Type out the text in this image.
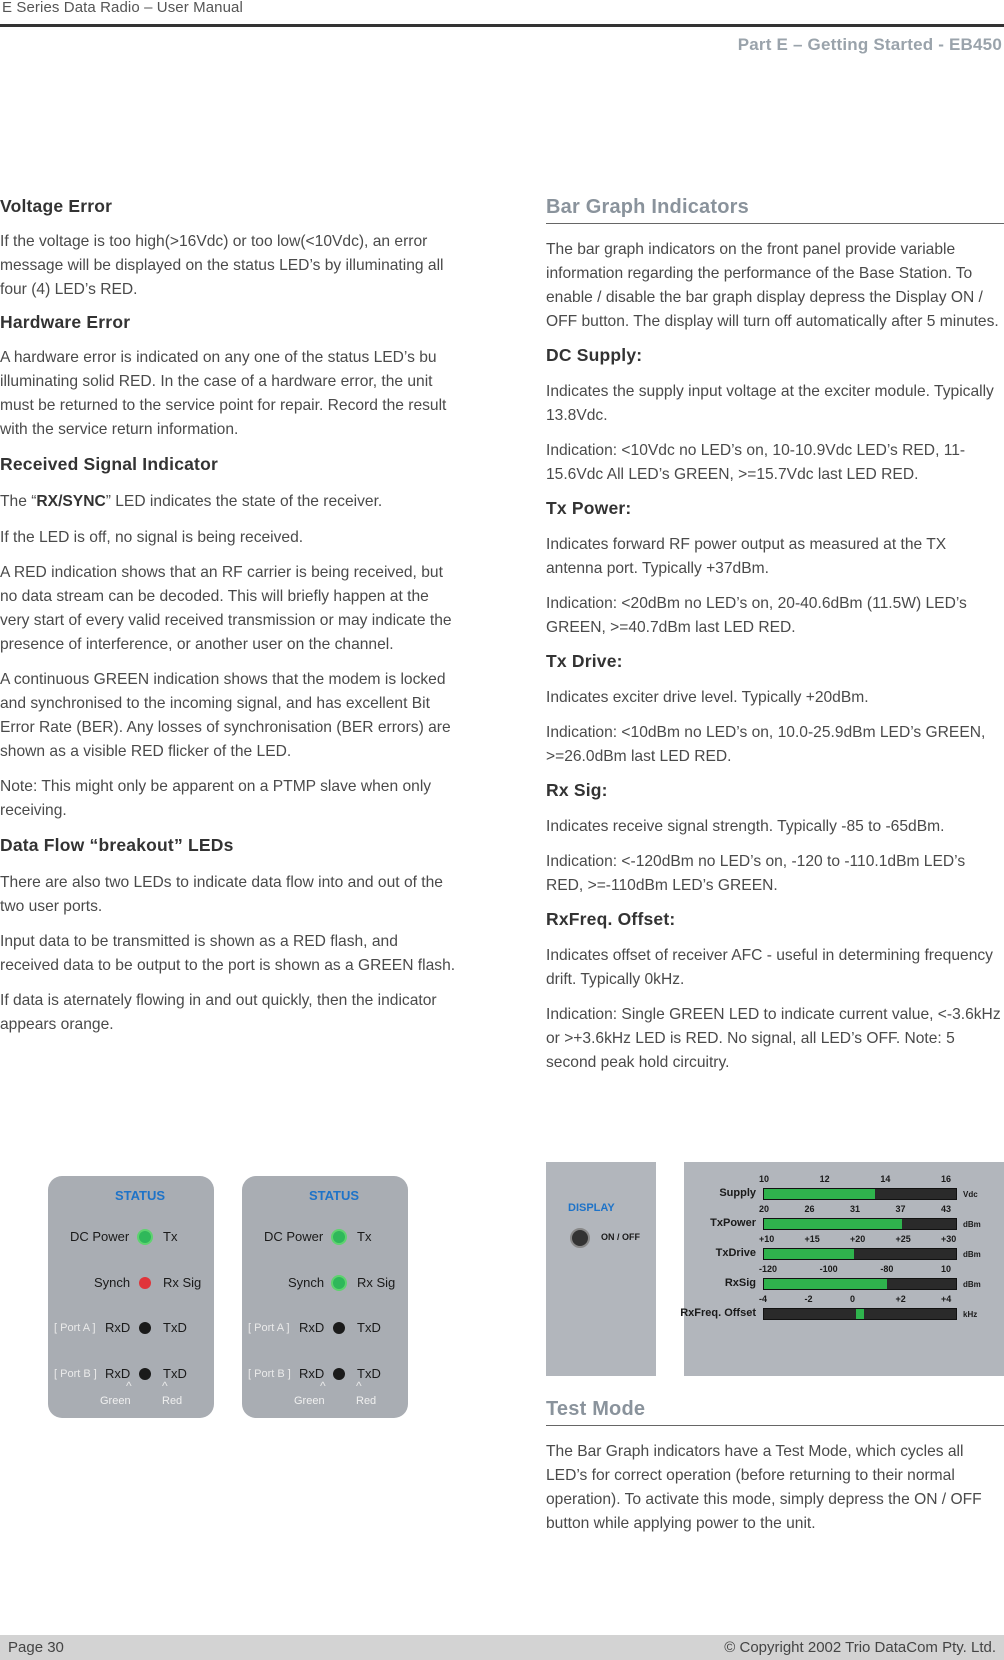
E Series Data Radio – User Manual
Part E – Getting Started - EB450
Voltage Error

If the voltage is too high(>16Vdc) or too low(<10Vdc), an error message will be displayed on the status LED’s by illuminating all four (4) LED’s RED.

Hardware Error

A hardware error is indicated on any one of the status LED’s bu illuminating solid RED. In the case of a hardware error, the unit must be returned to the service point for repair. Record the result with the service return information.

Received Signal Indicator

The “RX/SYNC” LED indicates the state of the receiver.

If the LED is off, no signal is being received.

A RED indication shows that an RF carrier is being received, but no data stream can be decoded. This will briefly happen at the very start of every valid received transmission or may indicate the presence of interference, or another user on the channel.

A continuous GREEN indication shows that the modem is locked and synchronised to the incoming signal, and has excellent Bit Error Rate (BER). Any losses of synchronisation (BER errors) are shown as a visible RED flicker of the LED.

Note: This might only be apparent on a PTMP slave when only receiving.

Data Flow “breakout” LEDs

There are also two LEDs to indicate data flow into and out of the two user ports.

Input data to be transmitted is shown as a RED flash, and received data to be output to the port is shown as a GREEN flash.

If data is aternately flowing in and out quickly, then the indicator appears orange.

STATUS
DC Power	Tx
Synch	Rx Sig
[ Port A ] RxD	TxD
[ Port B ] RxD	TxD
^	^
Green	Red
STATUS
DC Power	Tx
Synch	Rx Sig
[ Port A ] RxD	TxD
[ Port B ] RxD	TxD
^	^
Green	Red
Bar Graph Indicators

The bar graph indicators on the front panel provide variable information regarding the performance of the Base Station. To enable / disable the bar graph display depress the Display ON / OFF button. The display will turn off automatically after 5 minutes.

DC Supply:

Indicates the supply input voltage at the exciter module. Typically 13.8Vdc.

Indication: <10Vdc no LED’s on, 10-10.9Vdc LED’s RED, 11-15.6Vdc All LED’s GREEN, >=15.7Vdc last LED RED.

Tx Power:

Indicates forward RF power output as measured at the TX antenna port. Typically +37dBm.

Indication: <20dBm no LED’s on, 20-40.6dBm (11.5W) LED’s GREEN, >=40.7dBm last LED RED.

Tx Drive:

Indicates exciter drive level. Typically +20dBm.

Indication: <10dBm no LED’s on, 10.0-25.9dBm LED’s GREEN, >=26.0dBm last LED RED.

Rx Sig:

Indicates receive signal strength. Typically -85 to -65dBm.

Indication: <-120dBm no LED’s on, -120 to -110.1dBm LED’s RED, >=-110dBm LED’s GREEN.

RxFreq. Offset:

Indicates offset of receiver AFC - useful in determining frequency drift. Typically 0kHz.

Indication: Single GREEN LED to indicate current value, <-3.6kHz or >+3.6kHz LED is RED. No signal, all LED’s OFF. Note: 5 second peak hold circuitry.

DISPLAY
ON / OFF
10	12	14	16
Supply	Vdc
20	26	31	37	43
TxPower	dBm
+10	+15	+20	+25	+30
TxDrive	dBm
-120	-100	-80	10
RxSig	dBm
-4	-2	0	+2	+4
RxFreq. Offset	kHz
Test Mode

The Bar Graph indicators have a Test Mode, which cycles all LED’s for correct operation (before returning to their normal operation). To activate this mode, simply depress the ON / OFF button while applying power to the unit.

Page 30	© Copyright 2002 Trio DataCom Pty. Ltd.
